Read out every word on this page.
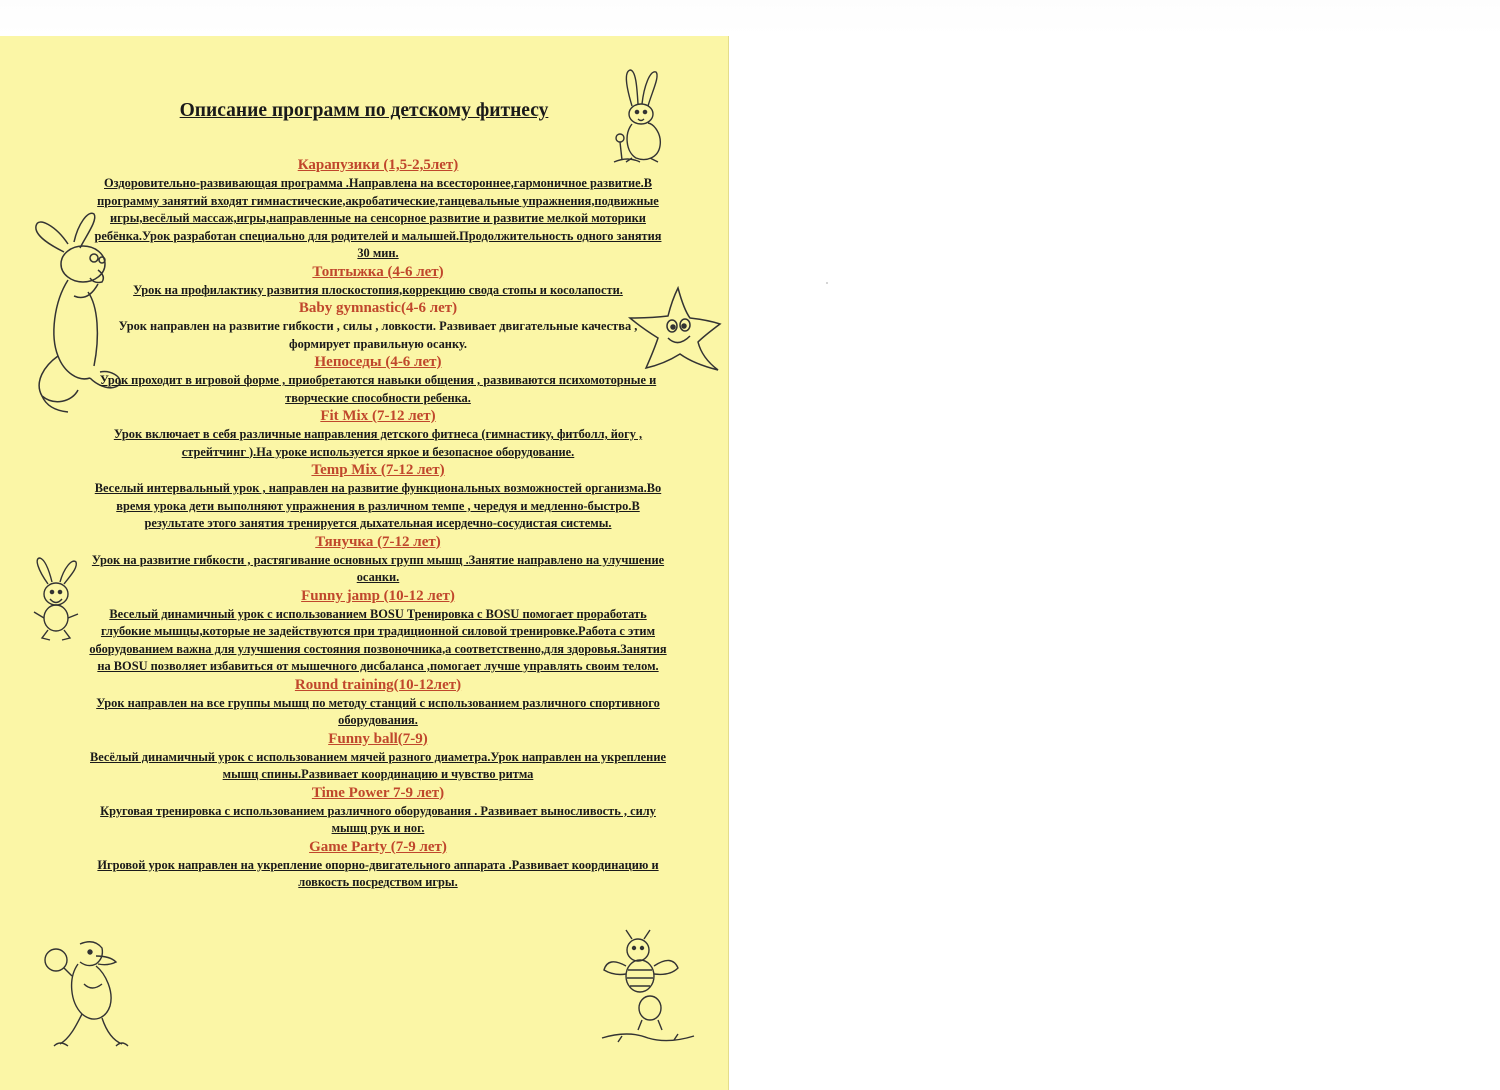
Описание программ по детскому фитнесу
Карапузики (1,5-2,5лет)
Оздоровительно-развивающая программа .Направлена на всестороннее,гармоничное развитие.В программу занятий входят гимнастические,акробатические,танцевальные упражнения,подвижные игры,весёлый массаж,игры,направленные на сенсорное развитие и развитие мелкой моторики ребёнка.Урок разработан специально для родителей и малышей.Продолжительность одного занятия 30 мин.
Топтыжка (4-6 лет)
Урок на профилактику развития плоскостопия,коррекцию свода стопы и косолапости.
Baby gymnastic(4-6 лет)
Урок направлен на развитие гибкости , силы , ловкости. Развивает двигательные качества , формирует правильную осанку.
Непоседы (4-6 лет)
Урок проходит в игровой форме , приобретаются навыки общения , развиваются психомоторные и творческие способности ребенка.
Fit Mix (7-12 лет)
Урок включает в себя различные направления детского фитнеса (гимнастику, фитболл, йогу , стрейтчинг ).На уроке используется яркое и безопасное оборудование.
Temp Mix (7-12 лет)
Веселый интервальный урок , направлен на развитие функциональных возможностей организма.Во время урока дети выполняют упражнения в различном темпе , чередуя и медленно-быстро.В результате этого занятия тренируется дыхательная исердечно-сосудистая системы.
Тянучка (7-12 лет)
Урок на развитие гибкости , растягивание основных групп мышц .Занятие направлено на улучшение осанки.
Funny jamp (10-12 лет)
Веселый динамичный урок с использованием BOSU Тренировка с BOSU помогает проработать глубокие мышцы,которые не задействуются при традиционной силовой тренировке.Работа с этим оборудованием важна для улучшения состояния позвоночника,а соответственно,для здоровья.Занятия на BOSU позволяет избавиться от мышечного дисбаланса ,помогает лучше управлять своим телом.
Round training(10-12лет)
Урок направлен на все группы мышц по методу станций с использованием различного спортивного оборудования.
Funny ball(7-9)
Весёлый динамичный урок с использованием мячей разного диаметра.Урок направлен на укрепление мышц спины.Развивает координацию и чувство ритма
Time Power 7-9 лет)
Круговая тренировка с использованием различного оборудования . Развивает выносливость , силу мышц рук и ног.
Game Party (7-9 лет)
Игровой урок направлен на укрепление опорно-двигательного аппарата .Развивает координацию и ловкость посредством игры.
